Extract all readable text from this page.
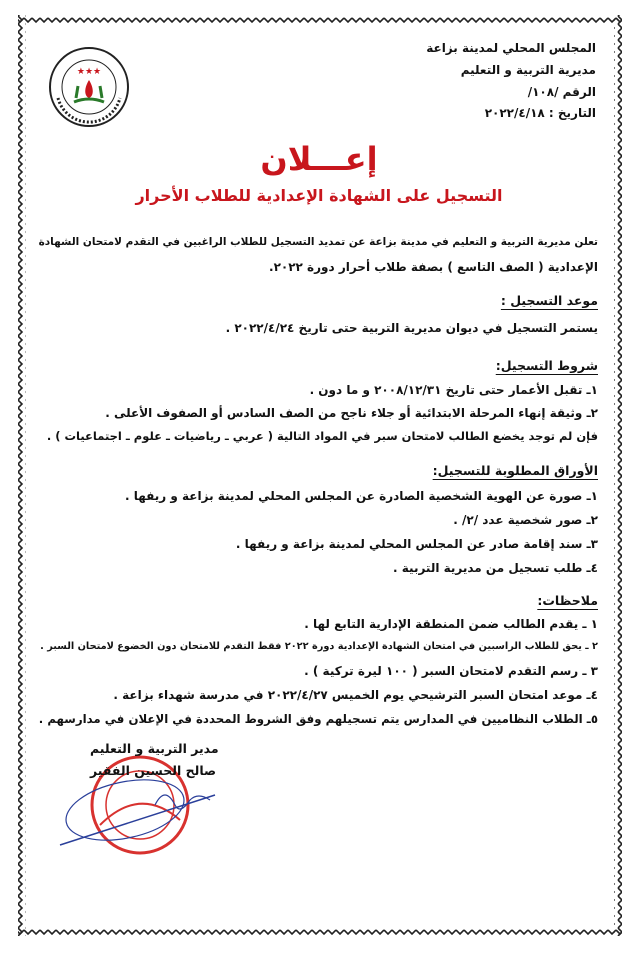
★★★
المجلس المحلي لمدينة بزاعة
مديرية التربية و التعليم
الرقم /١٠٨/
التاريخ : ٢٠٢٢/٤/١٨
إعـــلان
التسجيل على الشهادة الإعدادية للطلاب الأحرار
تعلن مديرية التربية و التعليم في مدينة بزاعة عن تمديد التسجيل للطلاب الراغبين في التقدم لامتحان الشهادة
الإعدادية ( الصف التاسع ) بصفة طلاب أحرار دورة ٢٠٢٢.
موعد التسجيل :
يستمر التسجيل في ديوان مديرية التربية حتى تاريخ ٢٠٢٢/٤/٢٤ .
شروط التسجيل:
١ـ تقبل الأعمار حتى تاريخ ٢٠٠٨/١٢/٣١ و ما دون .
٢ـ وثيقة إنهاء المرحلة الابتدائية أو جلاء ناجح من الصف السادس أو الصفوف الأعلى .
فإن لم توجد يخضع الطالب لامتحان سبر في المواد التالية ( عربي ـ رياضيات ـ علوم ـ اجتماعيات ) .
الأوراق المطلوبة للتسجيل:
١ـ صورة عن الهوية الشخصية الصادرة عن المجلس المحلي لمدينة بزاعة و ريفها .
٢ـ صور شخصية عدد /٢/ .
٣ـ سند إقامة صادر عن المجلس المحلي لمدينة بزاعة و ريفها .
٤ـ طلب تسجيل من مديرية التربية .
ملاحظات:
١ ـ يقدم الطالب ضمن المنطقة الإدارية التابع لها .
٢ ـ يحق للطلاب الراسبين في امتحان الشهادة الإعدادية دورة ٢٠٢٢ فقط التقدم للامتحان دون الخضوع لامتحان السبر .
٣ ـ رسم التقدم لامتحان السبر ( ١٠٠ ليرة تركية ) .
٤ـ موعد امتحان السبر الترشيحي يوم الخميس ٢٠٢٢/٤/٢٧ في مدرسة شهداء بزاعة .
٥ـ الطلاب النظاميين في المدارس يتم تسجيلهم وفق الشروط المحددة في الإعلان في مدارسهم .
مدير التربية و التعليم
صالح الحسين الفقير
